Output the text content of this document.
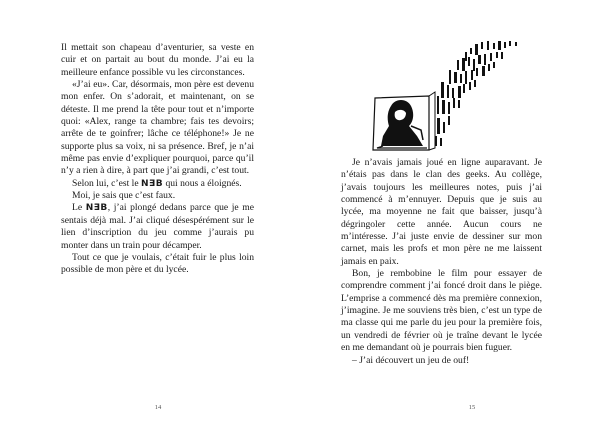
Il mettait son chapeau d’aventurier, sa veste en cuir et on partait au bout du monde. J’ai eu la meilleure enfance possible vu les circonstances.

«J’ai eu». Car, désormais, mon père est devenu mon enfer. On s’adorait, et maintenant, on se déteste. Il me prend la tête pour tout et n’importe quoi: «Alex, range ta chambre; fais tes devoirs; arrête de te goinfrer; lâche ce téléphone!» Je ne supporte plus sa voix, ni sa présence. Bref, je n’ai même pas envie d’expliquer pourquoi, parce qu’il n’y a rien à dire, à part que j’ai grandi, c’est tout.

Selon lui, c’est le N∃B qui nous a éloignés.

Moi, je sais que c’est faux.

Le N∃B, j’ai plongé dedans parce que je me sentais déjà mal. J’ai cliqué désespérément sur le lien d’inscription du jeu comme j’aurais pu monter dans un train pour décamper.

Tout ce que je voulais, c’était fuir le plus loin possible de mon père et du lycée.

14

Je n’avais jamais joué en ligne auparavant. Je n’étais pas dans le clan des geeks. Au collège, j’avais toujours les meilleures notes, puis j’ai commencé à m’ennuyer. Depuis que je suis au lycée, ma moyenne ne fait que baisser, jusqu’à dégringoler cette année. Aucun cours ne m’intéresse. J’ai juste envie de dessiner sur mon carnet, mais les profs et mon père ne me laissent jamais en paix.

Bon, je rembobine le film pour essayer de comprendre comment j’ai foncé droit dans le piège. L’emprise a commencé dès ma première connexion, j’imagine. Je me souviens très bien, c’est un type de ma classe qui me parle du jeu pour la première fois, un vendredi de février où je traîne devant le lycée en me demandant où je pourrais bien fuguer.

– J’ai découvert un jeu de ouf!

15
